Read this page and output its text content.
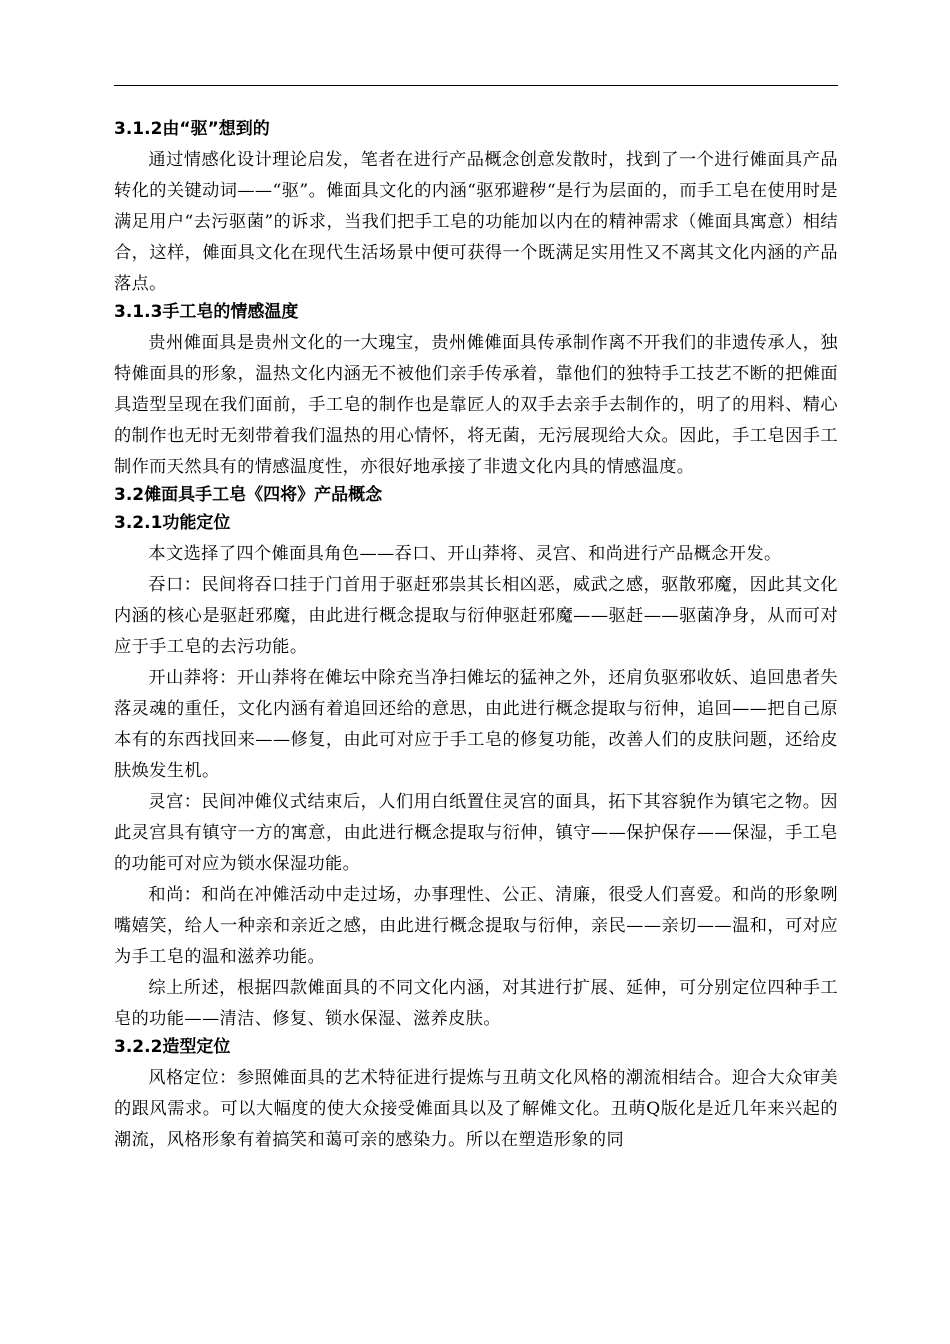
3.1.2由“驱”想到的

通过情感化设计理论启发，笔者在进行产品概念创意发散时，找到了一个进行傩面具产品转化的关键动词——“驱”。傩面具文化的内涵“驱邪避秽“是行为层面的，而手工皂在使用时是满足用户“去污驱菌”的诉求，当我们把手工皂的功能加以内在的精神需求（傩面具寓意）相结合，这样，傩面具文化在现代生活场景中便可获得一个既满足实用性又不离其文化内涵的产品落点。

3.1.3手工皂的情感温度

贵州傩面具是贵州文化的一大瑰宝，贵州傩傩面具传承制作离不开我们的非遗传承人，独特傩面具的形象，温热文化内涵无不被他们亲手传承着，靠他们的独特手工技艺不断的把傩面具造型呈现在我们面前，手工皂的制作也是靠匠人的双手去亲手去制作的，明了的用料、精心的制作也无时无刻带着我们温热的用心情怀，将无菌，无污展现给大众。因此，手工皂因手工制作而天然具有的情感温度性，亦很好地承接了非遗文化内具的情感温度。

3.2傩面具手工皂《四将》产品概念
3.2.1功能定位

本文选择了四个傩面具角色——吞口、开山莽将、灵宫、和尚进行产品概念开发。

吞口：民间将吞口挂于门首用于驱赶邪祟其长相凶恶，威武之感，驱散邪魔，因此其文化内涵的核心是驱赶邪魔，由此进行概念提取与衍伸驱赶邪魔——驱赶——驱菌净身，从而可对应于手工皂的去污功能。

开山莽将：开山莽将在傩坛中除充当净扫傩坛的猛神之外，还肩负驱邪收妖、追回患者失落灵魂的重任，文化内涵有着追回还给的意思，由此进行概念提取与衍伸，追回——把自己原本有的东西找回来——修复，由此可对应于手工皂的修复功能，改善人们的皮肤问题，还给皮肤焕发生机。

灵宫：民间冲傩仪式结束后，人们用白纸置住灵宫的面具，拓下其容貌作为镇宅之物。因此灵宫具有镇守一方的寓意，由此进行概念提取与衍伸，镇守——保护保存——保湿，手工皂的功能可对应为锁水保湿功能。

和尚：和尚在冲傩活动中走过场，办事理性、公正、清廉，很受人们喜爱。和尚的形象咧嘴嬉笑，给人一种亲和亲近之感，由此进行概念提取与衍伸，亲民——亲切——温和，可对应为手工皂的温和滋养功能。

综上所述，根据四款傩面具的不同文化内涵，对其进行扩展、延伸，可分别定位四种手工皂的功能——清洁、修复、锁水保湿、滋养皮肤。

3.2.2造型定位

风格定位：参照傩面具的艺术特征进行提炼与丑萌文化风格的潮流相结合。迎合大众审美的跟风需求。可以大幅度的使大众接受傩面具以及了解傩文化。丑萌Q版化是近几年来兴起的潮流，风格形象有着搞笑和蔼可亲的感染力。所以在塑造形象的同
